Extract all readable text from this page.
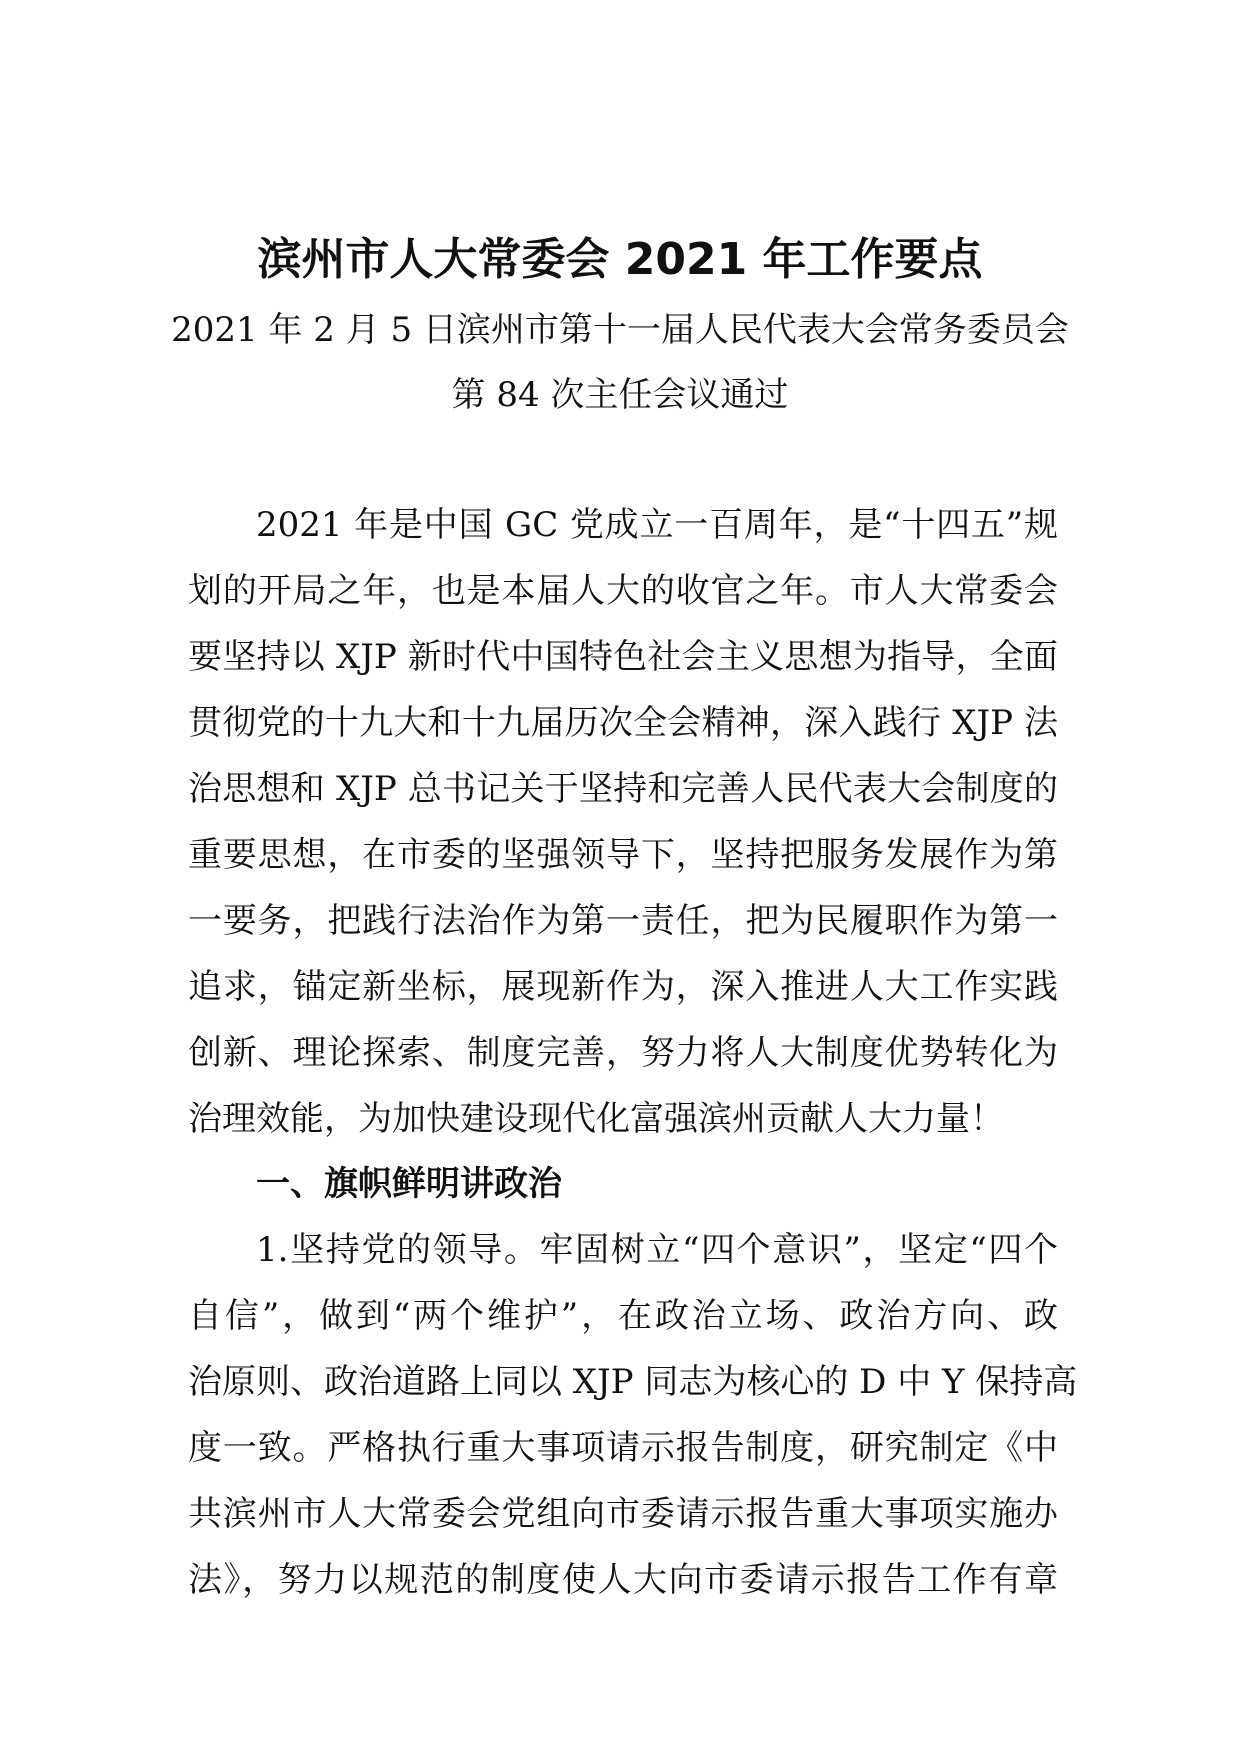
滨州市人大常委会 2021 年工作要点
2021 年 2 月 5 日滨州市第十一届人民代表大会常务委员会
第 84 次主任会议通过
2021 年是中国 GC 党成立一百周年，是“十四五”规
划的开局之年，也是本届人大的收官之年。市人大常委会
要坚持以 XJP 新时代中国特色社会主义思想为指导，全面
贯彻党的十九大和十九届历次全会精神，深入践行 XJP 法
治思想和 XJP 总书记关于坚持和完善人民代表大会制度的
重要思想，在市委的坚强领导下，坚持把服务发展作为第
一要务，把践行法治作为第一责任，把为民履职作为第一
追求，锚定新坐标，展现新作为，深入推进人大工作实践
创新、理论探索、制度完善，努力将人大制度优势转化为
治理效能，为加快建设现代化富强滨州贡献人大力量！
一、旗帜鲜明讲政治
1.坚持党的领导。牢固树立“四个意识”，坚定“四个
自信”，做到“两个维护”，在政治立场、政治方向、政
治原则、政治道路上同以 XJP 同志为核心的 D 中 Y 保持高
度一致。严格执行重大事项请示报告制度，研究制定《中
共滨州市人大常委会党组向市委请示报告重大事项实施办
法》，努力以规范的制度使人大向市委请示报告工作有章
